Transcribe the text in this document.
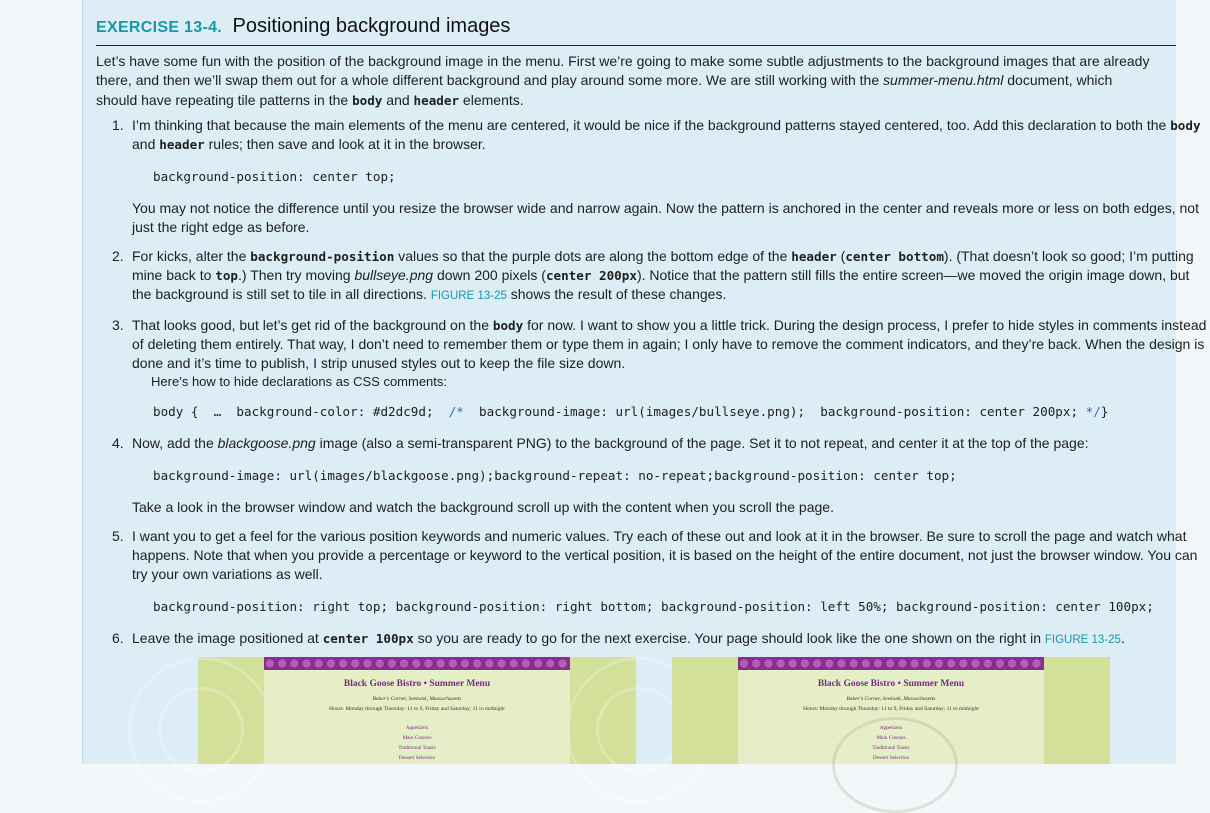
EXERCISE 13-4. Positioning background images
Let’s have some fun with the position of the background image in the menu. First we’re going to make some subtle adjustments to the background images that are already there, and then we’ll swap them out for a whole different background and play around some more. We are still working with the summer-menu.html document, which should have repeating tile patterns in the body and header elements.
1. I’m thinking that because the main elements of the menu are centered, it would be nice if the background patterns stayed centered, too. Add this declaration to both the body and header rules; then save and look at it in the browser.
background-position: center top;
You may not notice the difference until you resize the browser wide and narrow again. Now the pattern is anchored in the center and reveals more or less on both edges, not just the right edge as before.
2. For kicks, alter the background-position values so that the purple dots are along the bottom edge of the header (center bottom). (That doesn’t look so good; I’m putting mine back to top.) Then try moving bullseye.png down 200 pixels (center 200px). Notice that the pattern still fills the entire screen—we moved the origin image down, but the background is still set to tile in all directions. FIGURE 13-25 shows the result of these changes.
3. That looks good, but let’s get rid of the background on the body for now. I want to show you a little trick. During the design process, I prefer to hide styles in comments instead of deleting them entirely. That way, I don’t need to remember them or type them in again; I only have to remove the comment indicators, and they’re back. When the design is done and it’s time to publish, I strip unused styles out to keep the file size down.
Here’s how to hide declarations as CSS comments:
body {  …  background-color: #d2dc9d;  /*  background-image: url(images/bullseye.png);  background-position: center 200px; */}
4. Now, add the blackgoose.png image (also a semi-transparent PNG) to the background of the page. Set it to not repeat, and center it at the top of the page:
background-image: url(images/blackgoose.png);background-repeat: no-repeat;background-position: center top;
Take a look in the browser window and watch the background scroll up with the content when you scroll the page.
5. I want you to get a feel for the various position keywords and numeric values. Try each of these out and look at it in the browser. Be sure to scroll the page and watch what happens. Note that when you provide a percentage or keyword to the vertical position, it is based on the height of the entire document, not just the browser window. You can try your own variations as well.
background-position: right top; background-position: right bottom; background-position: left 50%; background-position: center 100px;
6. Leave the image positioned at center 100px so you are ready to go for the next exercise. Your page should look like the one shown on the right in FIGURE 13-25.
Black Goose Bistro • Summer Menu
Baker’s Corner, Seekonk, Massachusetts
Hours: Monday through Thursday: 11 to 9, Friday and Saturday; 11 to midnight
Appetizers
Main Courses
Traditional Toasts
Dessert Selection
Black Goose Bistro • Summer Menu
Baker’s Corner, Seekonk, Massachusetts
Hours: Monday through Thursday: 11 to 9, Friday and Saturday; 11 to midnight
Appetizers
Main Courses
Traditional Toasts
Dessert Selection
